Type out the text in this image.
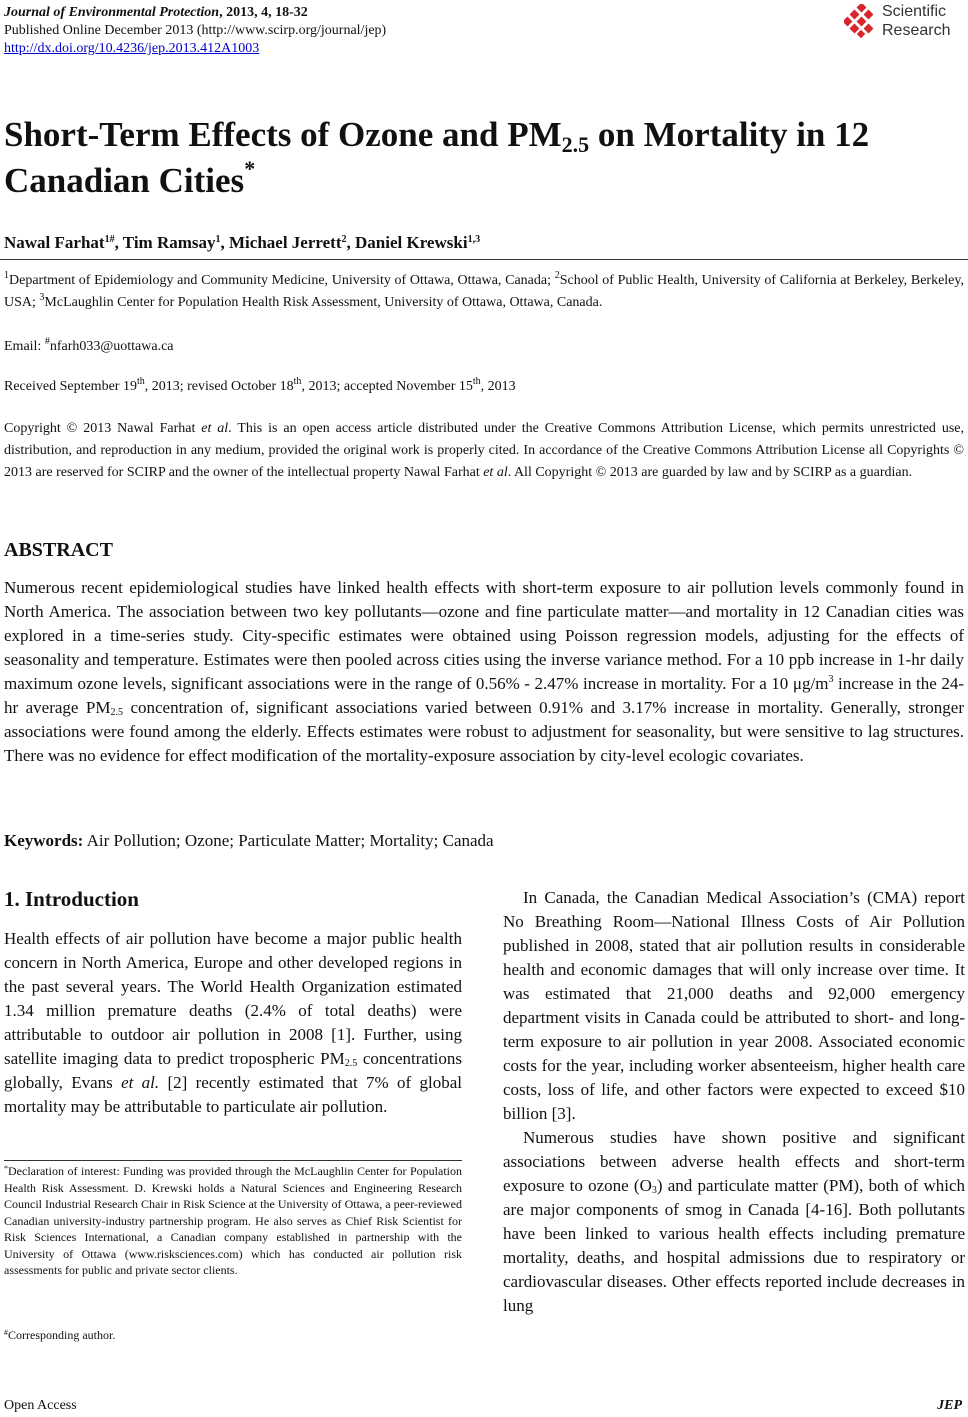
Journal of Environmental Protection, 2013, 4, 18-32
Published Online December 2013 (http://www.scirp.org/journal/jep)
http://dx.doi.org/10.4236/jep.2013.412A1003
Scientific
Research
Short-Term Effects of Ozone and $PM_{2.5}$ on Mortality in 12 Canadian Cities*
Nawal Farhat$^{1\#}$, Tim Ramsay$^1$, Michael Jerrett$^2$, Daniel Krewski$^{1,3}$
$^1$Department of Epidemiology and Community Medicine, University of Ottawa, Ottawa, Canada; $^2$School of Public Health, University of California at Berkeley, Berkeley, USA; $^3$McLaughlin Center for Population Health Risk Assessment, University of Ottawa, Ottawa, Canada.
Email: #nfarh033@uottawa.ca
Received September 19th, 2013; revised October 18th, 2013; accepted November 15th, 2013
Copyright © 2013 Nawal Farhat et al. This is an open access article distributed under the Creative Commons Attribution License, which permits unrestricted use, distribution, and reproduction in any medium, provided the original work is properly cited. In accordance of the Creative Commons Attribution License all Copyrights © 2013 are reserved for SCIRP and the owner of the intellectual property Nawal Farhat et al. All Copyright © 2013 are guarded by law and by SCIRP as a guardian.
ABSTRACT

Numerous recent epidemiological studies have linked health effects with short-term exposure to air pollution levels commonly found in North America. The association between two key pollutants—ozone and fine particulate matter—and mortality in 12 Canadian cities was explored in a time-series study. City-specific estimates were obtained using Poisson regression models, adjusting for the effects of seasonality and temperature. Estimates were then pooled across cities using the inverse variance method. For a 10 ppb increase in 1-hr daily maximum ozone levels, significant associations were in the range of 0.56% - 2.47% increase in mortality. For a 10 $\mu g/m^3$ increase in the 24-hr average $PM_{2.5}$ concentration of, significant associations varied between 0.91% and 3.17% increase in mortality. Generally, stronger associations were found among the elderly. Effects estimates were robust to adjustment for seasonality, but were sensitive to lag structures. There was no evidence for effect modification of the mortality-exposure association by city-level ecologic covariates.

Keywords: Air Pollution; Ozone; Particulate Matter; Mortality; Canada
1. Introduction

Health effects of air pollution have become a major public health concern in North America, Europe and other developed regions in the past several years. The World Health Organization estimated 1.34 million premature deaths (2.4% of total deaths) were attributable to outdoor air pollution in 2008 [1]. Further, using satellite imaging data to predict tropospheric $PM_{2.5}$ concentrations globally, Evans et al. [2] recently estimated that 7% of global mortality may be attributable to particulate air pollution.

*Declaration of interest: Funding was provided through the McLaughlin Center for Population Health Risk Assessment. D. Krewski holds a Natural Sciences and Engineering Research Council Industrial Research Chair in Risk Science at the University of Ottawa, a peer-reviewed Canadian university-industry partnership program. He also serves as Chief Risk Scientist for Risk Sciences International, a Canadian company established in partnership with the University of Ottawa (www.risksciences.com) which has conducted air pollution risk assessments for public and private sector clients.

#Corresponding author.

In Canada, the Canadian Medical Association’s (CMA) report No Breathing Room—National Illness Costs of Air Pollution published in 2008, stated that air pollution results in considerable health and economic damages that will only increase over time. It was estimated that 21,000 deaths and 92,000 emergency department visits in Canada could be attributed to short- and long-term exposure to air pollution in year 2008. Associated economic costs for the year, including worker absenteeism, higher health care costs, loss of life, and other factors were expected to exceed $10 billion [3].

Numerous studies have shown positive and significant associations between adverse health effects and short-term exposure to ozone $(O_3)$ and particulate matter (PM), both of which are major components of smog in Canada [4-16]. Both pollutants have been linked to various health effects including premature mortality, deaths, and hospital admissions due to respiratory or cardiovascular diseases. Other effects reported include decreases in lung

Open Access	JEP
